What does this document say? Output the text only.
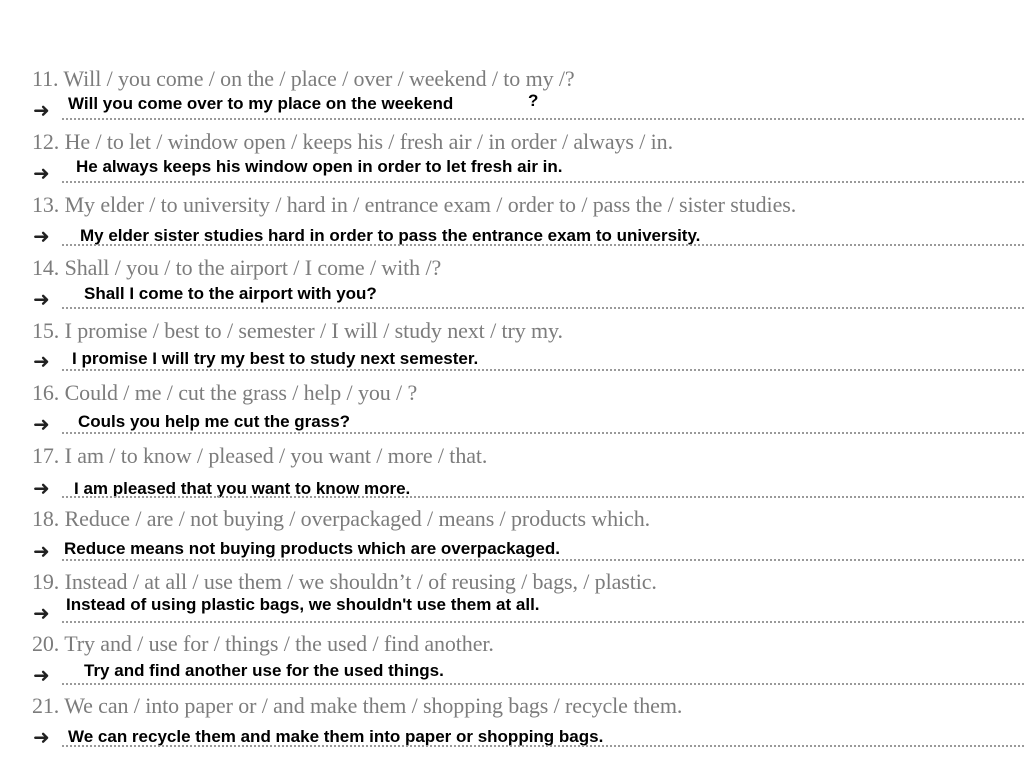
11. Will / you come / on the / place / over / weekend / to my /?
➜ Will you come over to my place on the weekend	?
12. He / to let / window open / keeps his / fresh air / in order / always / in.
➜ He always keeps his window open in order to let fresh air in.
13. My elder / to university / hard in / entrance exam / order to / pass the / sister studies.
➜ My elder sister studies hard in order to pass the entrance exam to university.
14. Shall / you / to the airport / I come / with /?
➜ Shall I come to the airport with you?
15. I promise / best to / semester / I will / study next / try my.
➜ I promise I will try my best to study next semester.
16. Could / me / cut the grass / help / you / ?
➜ Couls you help me cut the grass?
17. I am / to know / pleased / you want / more / that.
➜ I am pleased that you want to know more.
18. Reduce / are / not buying / overpackaged / means / products which.
➜ Reduce means not buying products which are overpackaged.
19. Instead / at all / use them / we shouldn’t / of reusing / bags, / plastic.
➜ Instead of using plastic bags, we shouldn't use them at all.
20. Try and / use for / things / the used / find another.
➜ Try and find another use for the used things.
21. We can / into paper or / and make them / shopping bags / recycle them.
➜ We can recycle them and make them into paper or shopping bags.
